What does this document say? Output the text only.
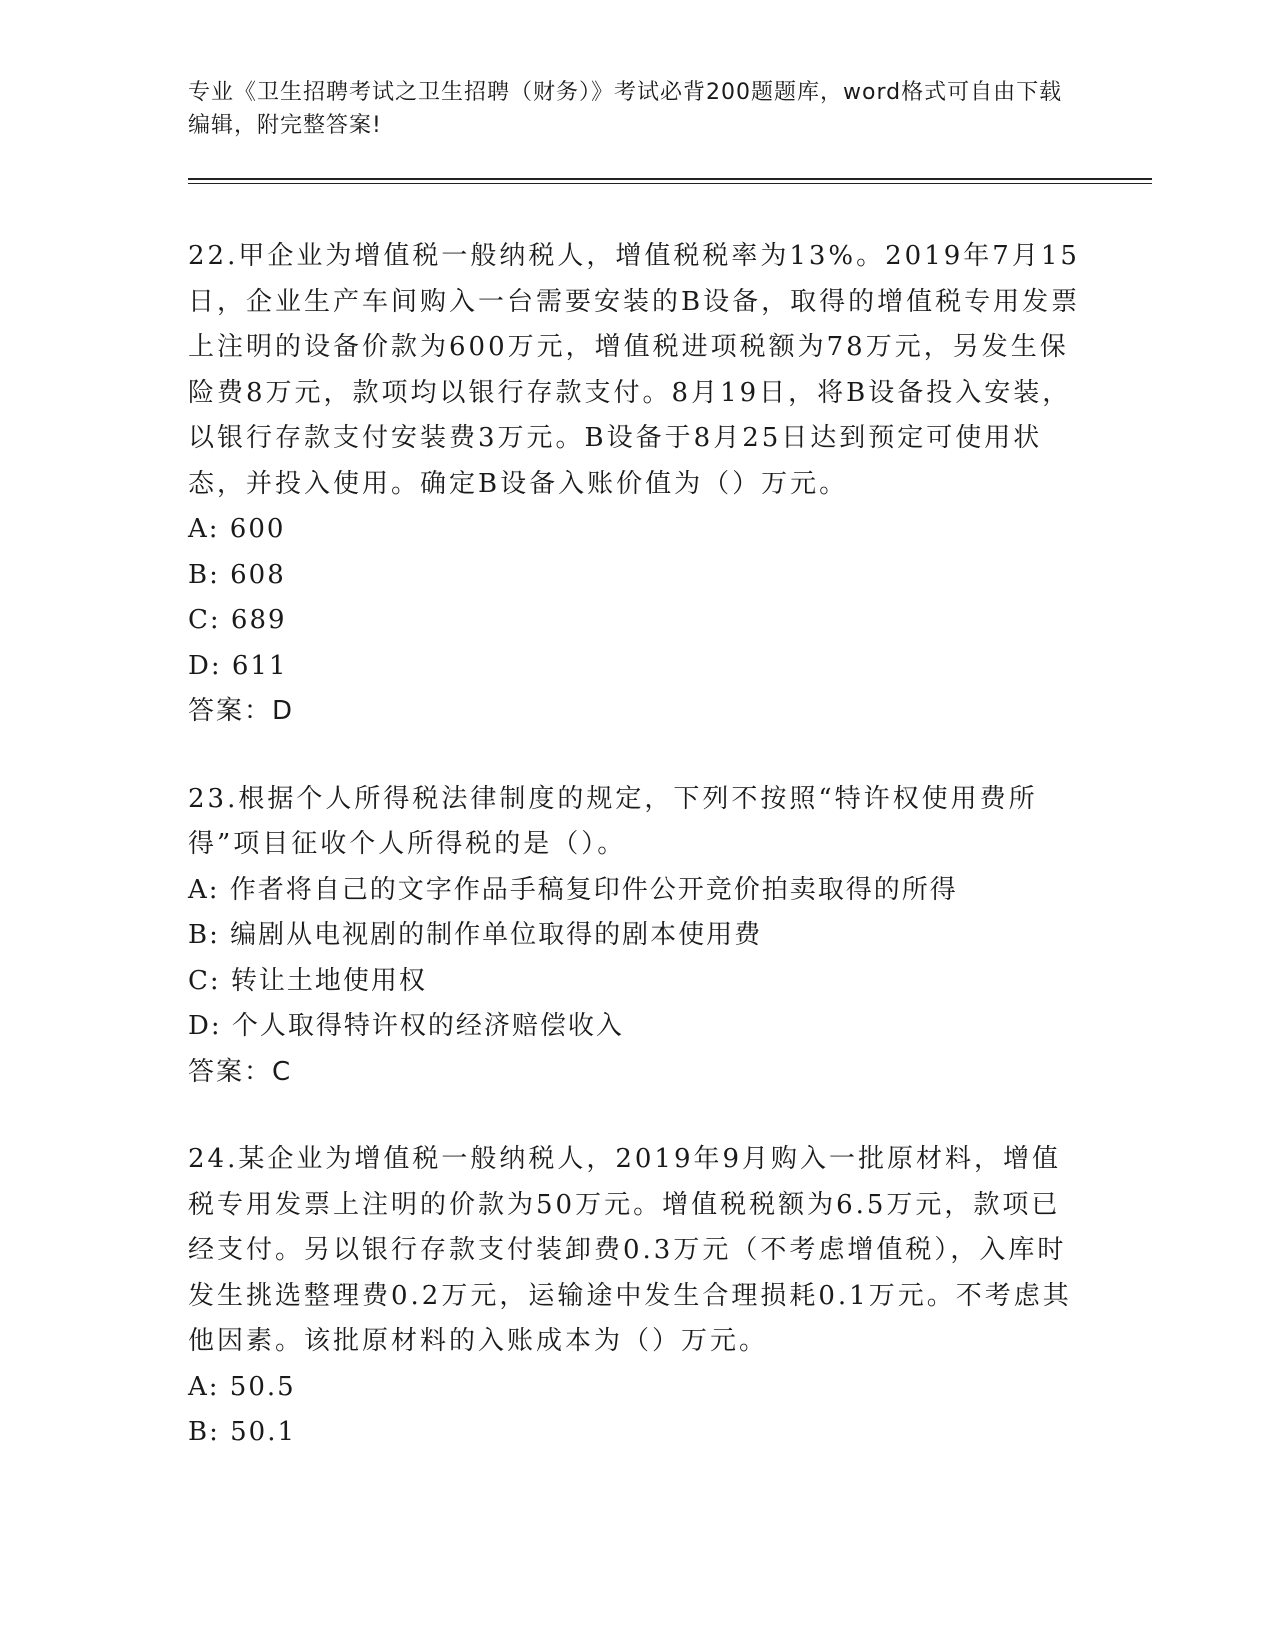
专业《卫生招聘考试之卫生招聘（财务）》考试必背200题题库，word格式可自由下载编辑，附完整答案!

22.甲企业为增值税一般纳税人，增值税税率为13%。2019年7月15日，企业生产车间购入一台需要安装的B设备，取得的增值税专用发票上注明的设备价款为600万元，增值税进项税额为78万元，另发生保险费8万元，款项均以银行存款支付。8月19日，将B设备投入安装，以银行存款支付安装费3万元。B设备于8月25日达到预定可使用状态，并投入使用。确定B设备入账价值为（）万元。

A: 600

B: 608

C: 689

D: 611

答案：D

23.根据个人所得税法律制度的规定，下列不按照“特许权使用费所得”项目征收个人所得税的是（）。

A: 作者将自己的文字作品手稿复印件公开竞价拍卖取得的所得

B: 编剧从电视剧的制作单位取得的剧本使用费

C: 转让土地使用权

D: 个人取得特许权的经济赔偿收入

答案：C

24.某企业为增值税一般纳税人，2019年9月购入一批原材料，增值税专用发票上注明的价款为50万元。增值税税额为6.5万元，款项已经支付。另以银行存款支付装卸费0.3万元（不考虑增值税），入库时发生挑选整理费0.2万元，运输途中发生合理损耗0.1万元。不考虑其他因素。该批原材料的入账成本为（）万元。

A: 50.5

B: 50.1
